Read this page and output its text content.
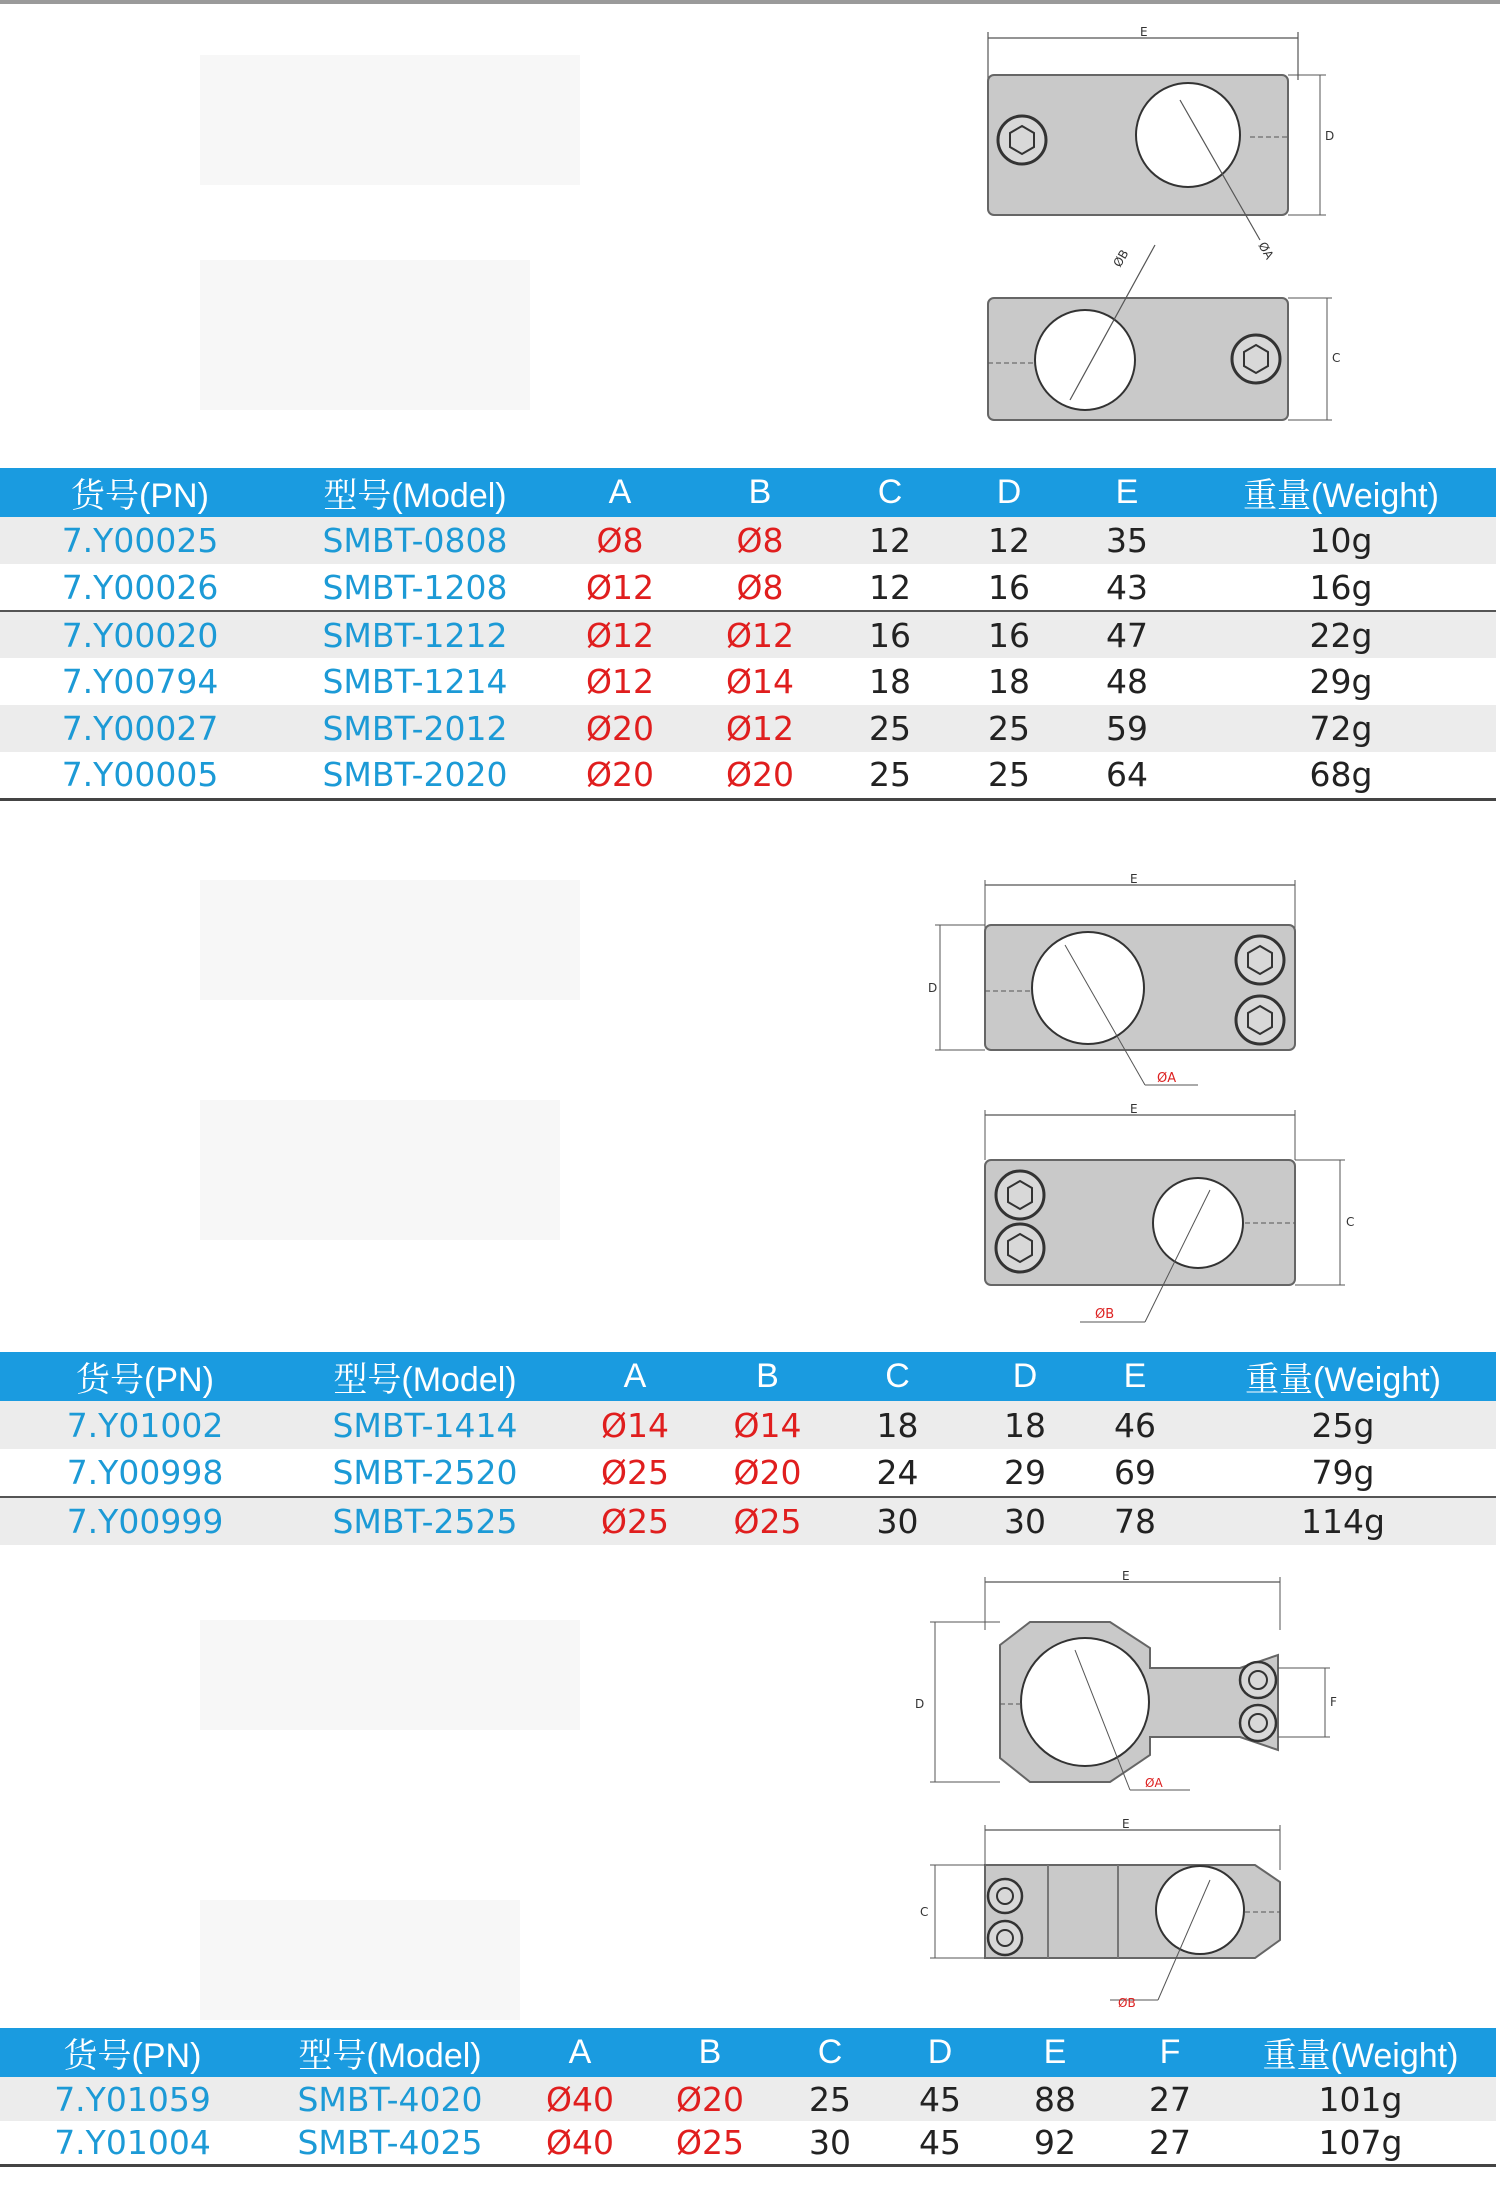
E
D
ØA
ØB
C
货号(PN)	型号(Model)	A	B	C	D	E	重量(Weight)
7.Y00025	SMBT-0808	Ø8	Ø8	12	12	35	10g
7.Y00026	SMBT-1208	Ø12	Ø8	12	16	43	16g
7.Y00020	SMBT-1212	Ø12	Ø12	16	16	47	22g
7.Y00794	SMBT-1214	Ø12	Ø14	18	18	48	29g
7.Y00027	SMBT-2012	Ø20	Ø12	25	25	59	72g
7.Y00005	SMBT-2020	Ø20	Ø20	25	25	64	68g
E
D
ØA
E
C
ØB
货号(PN)	型号(Model)	A	B	C	D	E	重量(Weight)
7.Y01002	SMBT-1414	Ø14	Ø14	18	18	46	25g
7.Y00998	SMBT-2520	Ø25	Ø20	24	29	69	79g
7.Y00999	SMBT-2525	Ø25	Ø25	30	30	78	114g
E
D	F
ØA
E
C
ØB
货号(PN)	型号(Model)	A	B	C	D	E	F	重量(Weight)
7.Y01059	SMBT-4020	Ø40	Ø20	25	45	88	27	101g
7.Y01004	SMBT-4025	Ø40	Ø25	30	45	92	27	107g
